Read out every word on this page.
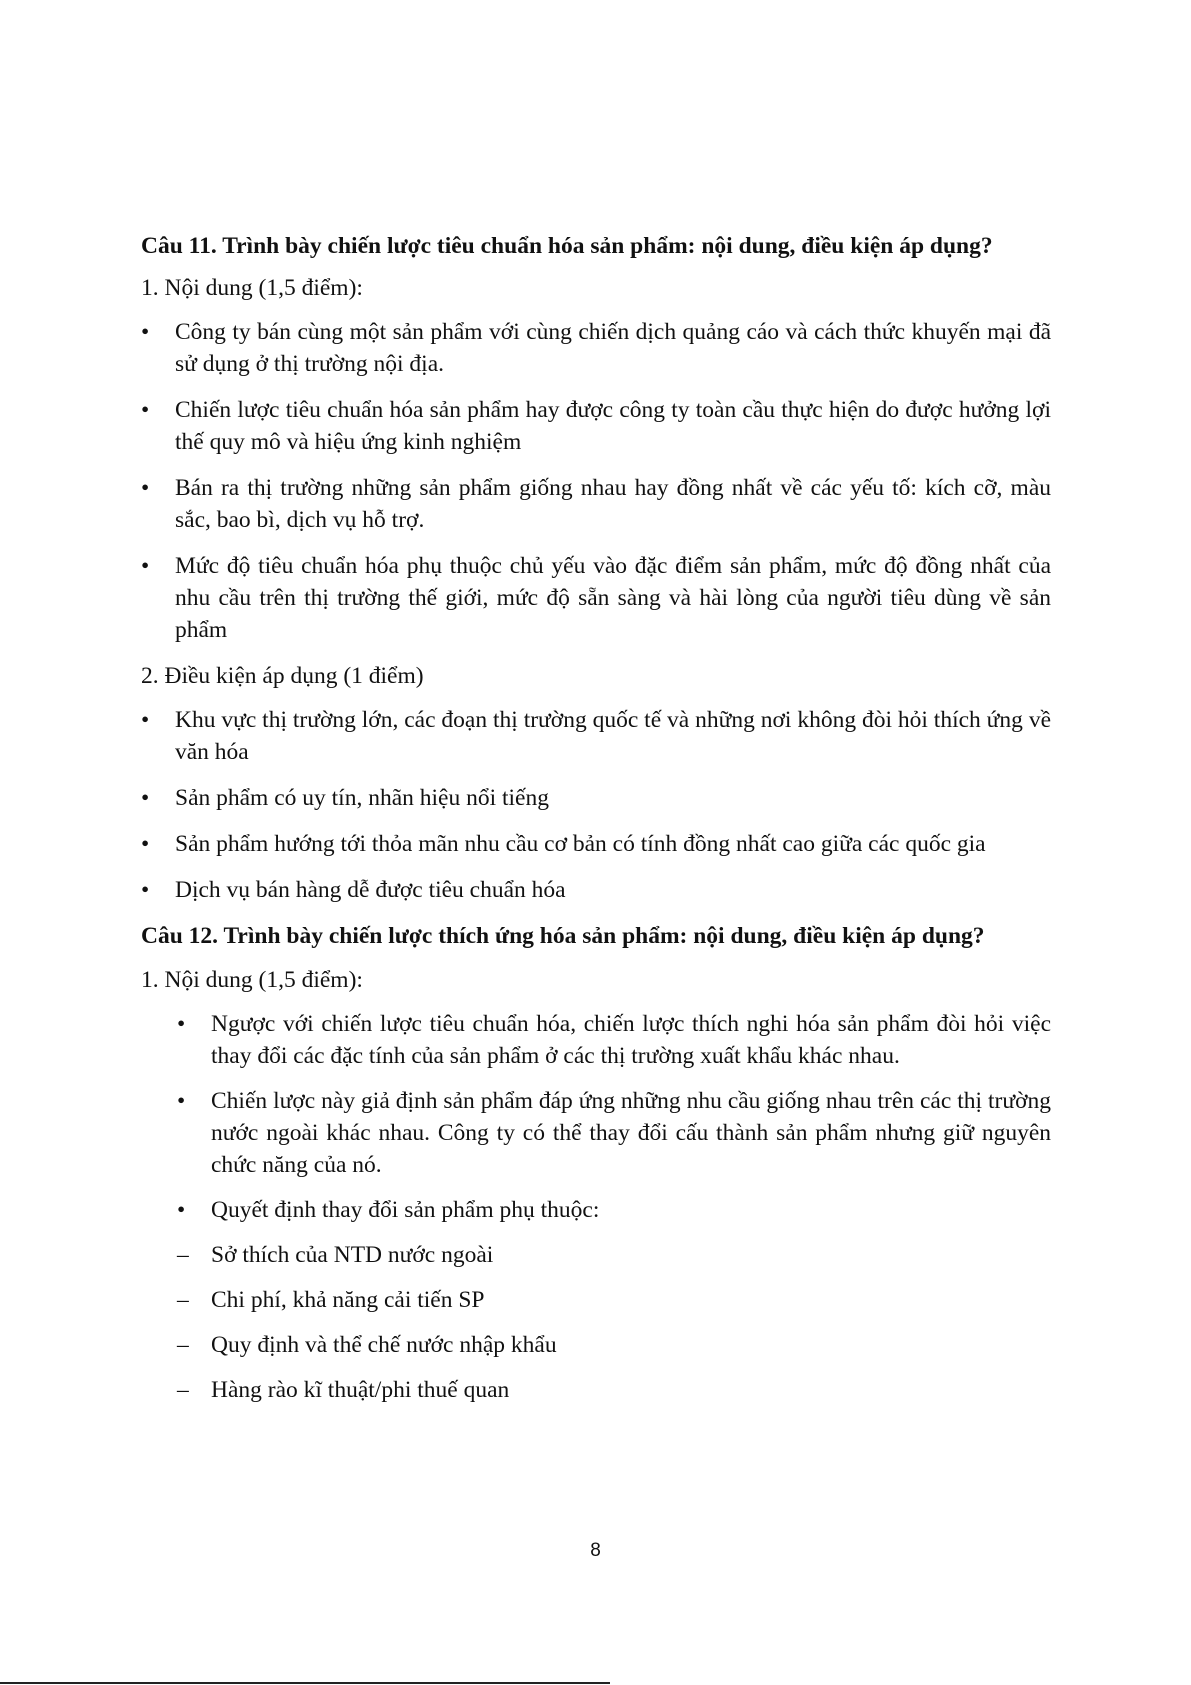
Câu 11. Trình bày chiến lược tiêu chuẩn hóa sản phẩm: nội dung, điều kiện áp dụng?

1. Nội dung (1,5 điểm):

•	Công ty bán cùng một sản phẩm với cùng chiến dịch quảng cáo và cách thức khuyến mại đã sử dụng ở thị trường nội địa.
•	Chiến lược tiêu chuẩn hóa sản phẩm hay được công ty toàn cầu thực hiện do được hưởng lợi thế quy mô và hiệu ứng kinh nghiệm
•	Bán ra thị trường những sản phẩm giống nhau hay đồng nhất về các yếu tố: kích cỡ, màu sắc, bao bì, dịch vụ hỗ trợ.
•	Mức độ tiêu chuẩn hóa phụ thuộc chủ yếu vào đặc điểm sản phẩm, mức độ đồng nhất của nhu cầu trên thị trường thế giới, mức độ sẵn sàng và hài lòng của người tiêu dùng về sản phẩm

2. Điều kiện áp dụng (1 điểm)

•	Khu vực thị trường lớn, các đoạn thị trường quốc tế và những nơi không đòi hỏi thích ứng về văn hóa
•	Sản phẩm có uy tín, nhãn hiệu nổi tiếng
•	Sản phẩm hướng tới thỏa mãn nhu cầu cơ bản có tính đồng nhất cao giữa các quốc gia
•	Dịch vụ bán hàng dễ được tiêu chuẩn hóa

Câu 12. Trình bày chiến lược thích ứng hóa sản phẩm: nội dung, điều kiện áp dụng?

1. Nội dung (1,5 điểm):

•	Ngược với chiến lược tiêu chuẩn hóa, chiến lược thích nghi hóa sản phẩm đòi hỏi việc thay đổi các đặc tính của sản phẩm ở các thị trường xuất khẩu khác nhau.
•	Chiến lược này giả định sản phẩm đáp ứng những nhu cầu giống nhau trên các thị trường nước ngoài khác nhau. Công ty có thể thay đổi cấu thành sản phẩm nhưng giữ nguyên chức năng của nó.
•	Quyết định thay đổi sản phẩm phụ thuộc:
– Sở thích của NTD nước ngoài
– Chi phí, khả năng cải tiến SP
– Quy định và thể chế nước nhập khẩu
– Hàng rào kĩ thuật/phi thuế quan
8
